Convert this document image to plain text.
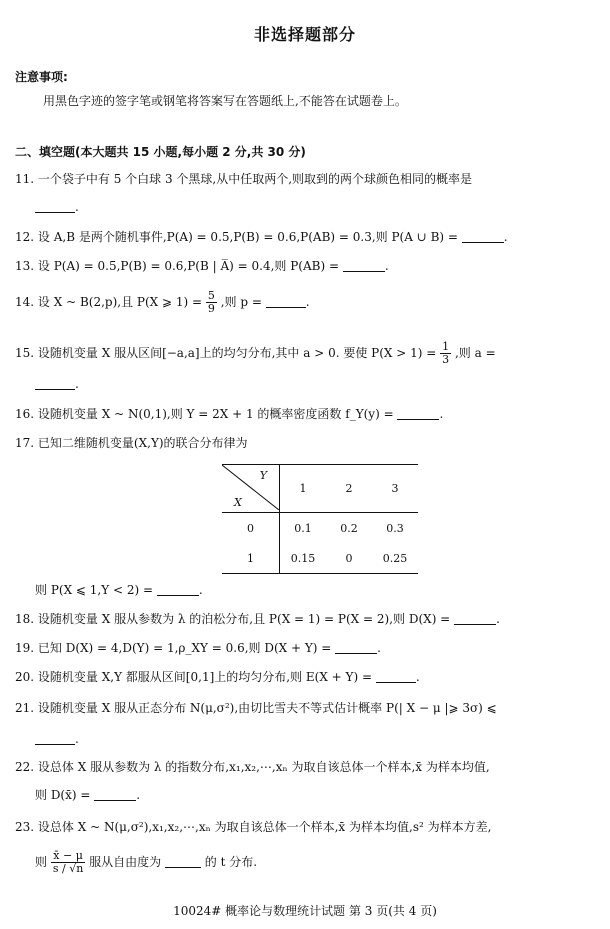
非选择题部分
注意事项:
用黑色字迹的签字笔或钢笔将答案写在答题纸上,不能答在试题卷上。
二、填空题(本大题共 15 小题,每小题 2 分,共 30 分)
11. 一个袋子中有 5 个白球 3 个黑球,从中任取两个,则取到的两个球颜色相同的概率是
.
12. 设 A,B 是两个随机事件,P(A) = 0.5,P(B) = 0.6,P(AB) = 0.3,则 P(A ∪ B) =	.
13. 设 P(A) = 0.5,P(B) = 0.6,P(B | A̅) = 0.4,则 P(AB) =	.
14. 设 X ~ B(2,p),且 P(X ⩾ $1) = \frac{5}{9}$ ,则 p =	.
15. 设随机变量 X 服从区间[−a,a]上的均匀分布,其中 a > 0. 要使 $P(X > 1) = \frac{1}{3}$ ,则 a =
.
16. 设随机变量 X ~ N(0,1),则 Y = 2X + 1 的概率密度函数 f_Y(y) =	.
17. 已知二维随机变量(X,Y)的联合分布律为
Y
X	1	2	3
0	0.1	0.2	0.3
1	0.15	0	0.25
则 P(X ⩽ 1,Y < 2) =	.
18. 设随机变量 X 服从参数为 λ 的泊松分布,且 P(X = 1) = P(X = 2),则 D(X) =	.
19. 已知 D(X) = 4,D(Y) = 1,ρ_XY = 0.6,则 D(X + Y) =	.
20. 设随机变量 X,Y 都服从区间[0,1]上的均匀分布,则 E(X + Y) =	.
21. 设随机变量 X 服从正态分布 N(μ,σ²),由切比雪夫不等式估计概率 P(| X − μ |⩾ 3σ) ⩽
.
22. 设总体 X 服从参数为 λ 的指数分布,x₁,x₂,⋯,xₙ 为取自该总体一个样本,x̄ 为样本均值,
则 D(x̄) =	.
23. 设总体 X ~ N(μ,σ²),x₁,x₂,⋯,xₙ 为取自该总体一个样本,x̄ 为样本均值,s² 为样本方差,
则 $\frac{x̄ - \mu}{s / √n}$ 服从自由度为	的 t 分布.
10024# 概率论与数理统计试题 第 3 页(共 4 页)
